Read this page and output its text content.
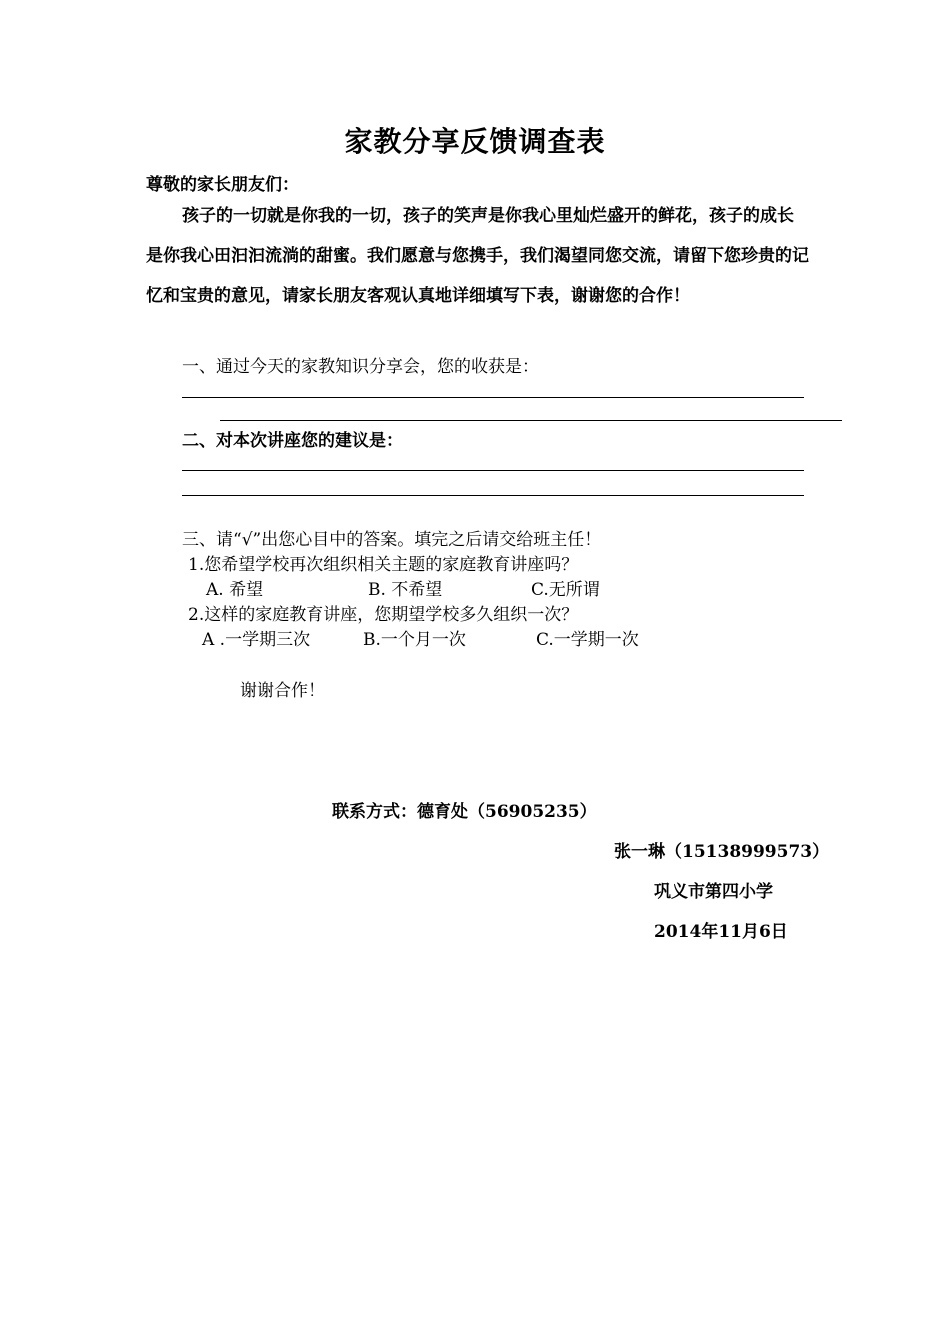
家教分享反馈调查表
尊敬的家长朋友们：

孩子的一切就是你我的一切，孩子的笑声是你我心里灿烂盛开的鲜花，孩子的成长是你我心田汩汩流淌的甜蜜。我们愿意与您携手，我们渴望同您交流，请留下您珍贵的记忆和宝贵的意见，请家长朋友客观认真地详细填写下表，谢谢您的合作！

一、通过今天的家教知识分享会，您的收获是：
二、对本次讲座您的建议是：
三、请“√”出您心目中的答案。填完之后请交给班主任！
1.您希望学校再次组织相关主题的家庭教育讲座吗？
A. 希望	B. 不希望	C.无所谓
2.这样的家庭教育讲座，您期望学校多久组织一次？
A .一学期三次	B.一个月一次	C.一学期一次
谢谢合作！
联系方式：德育处（56905235）
张一琳（15138999573）
巩义市第四小学
2014年11月6日
